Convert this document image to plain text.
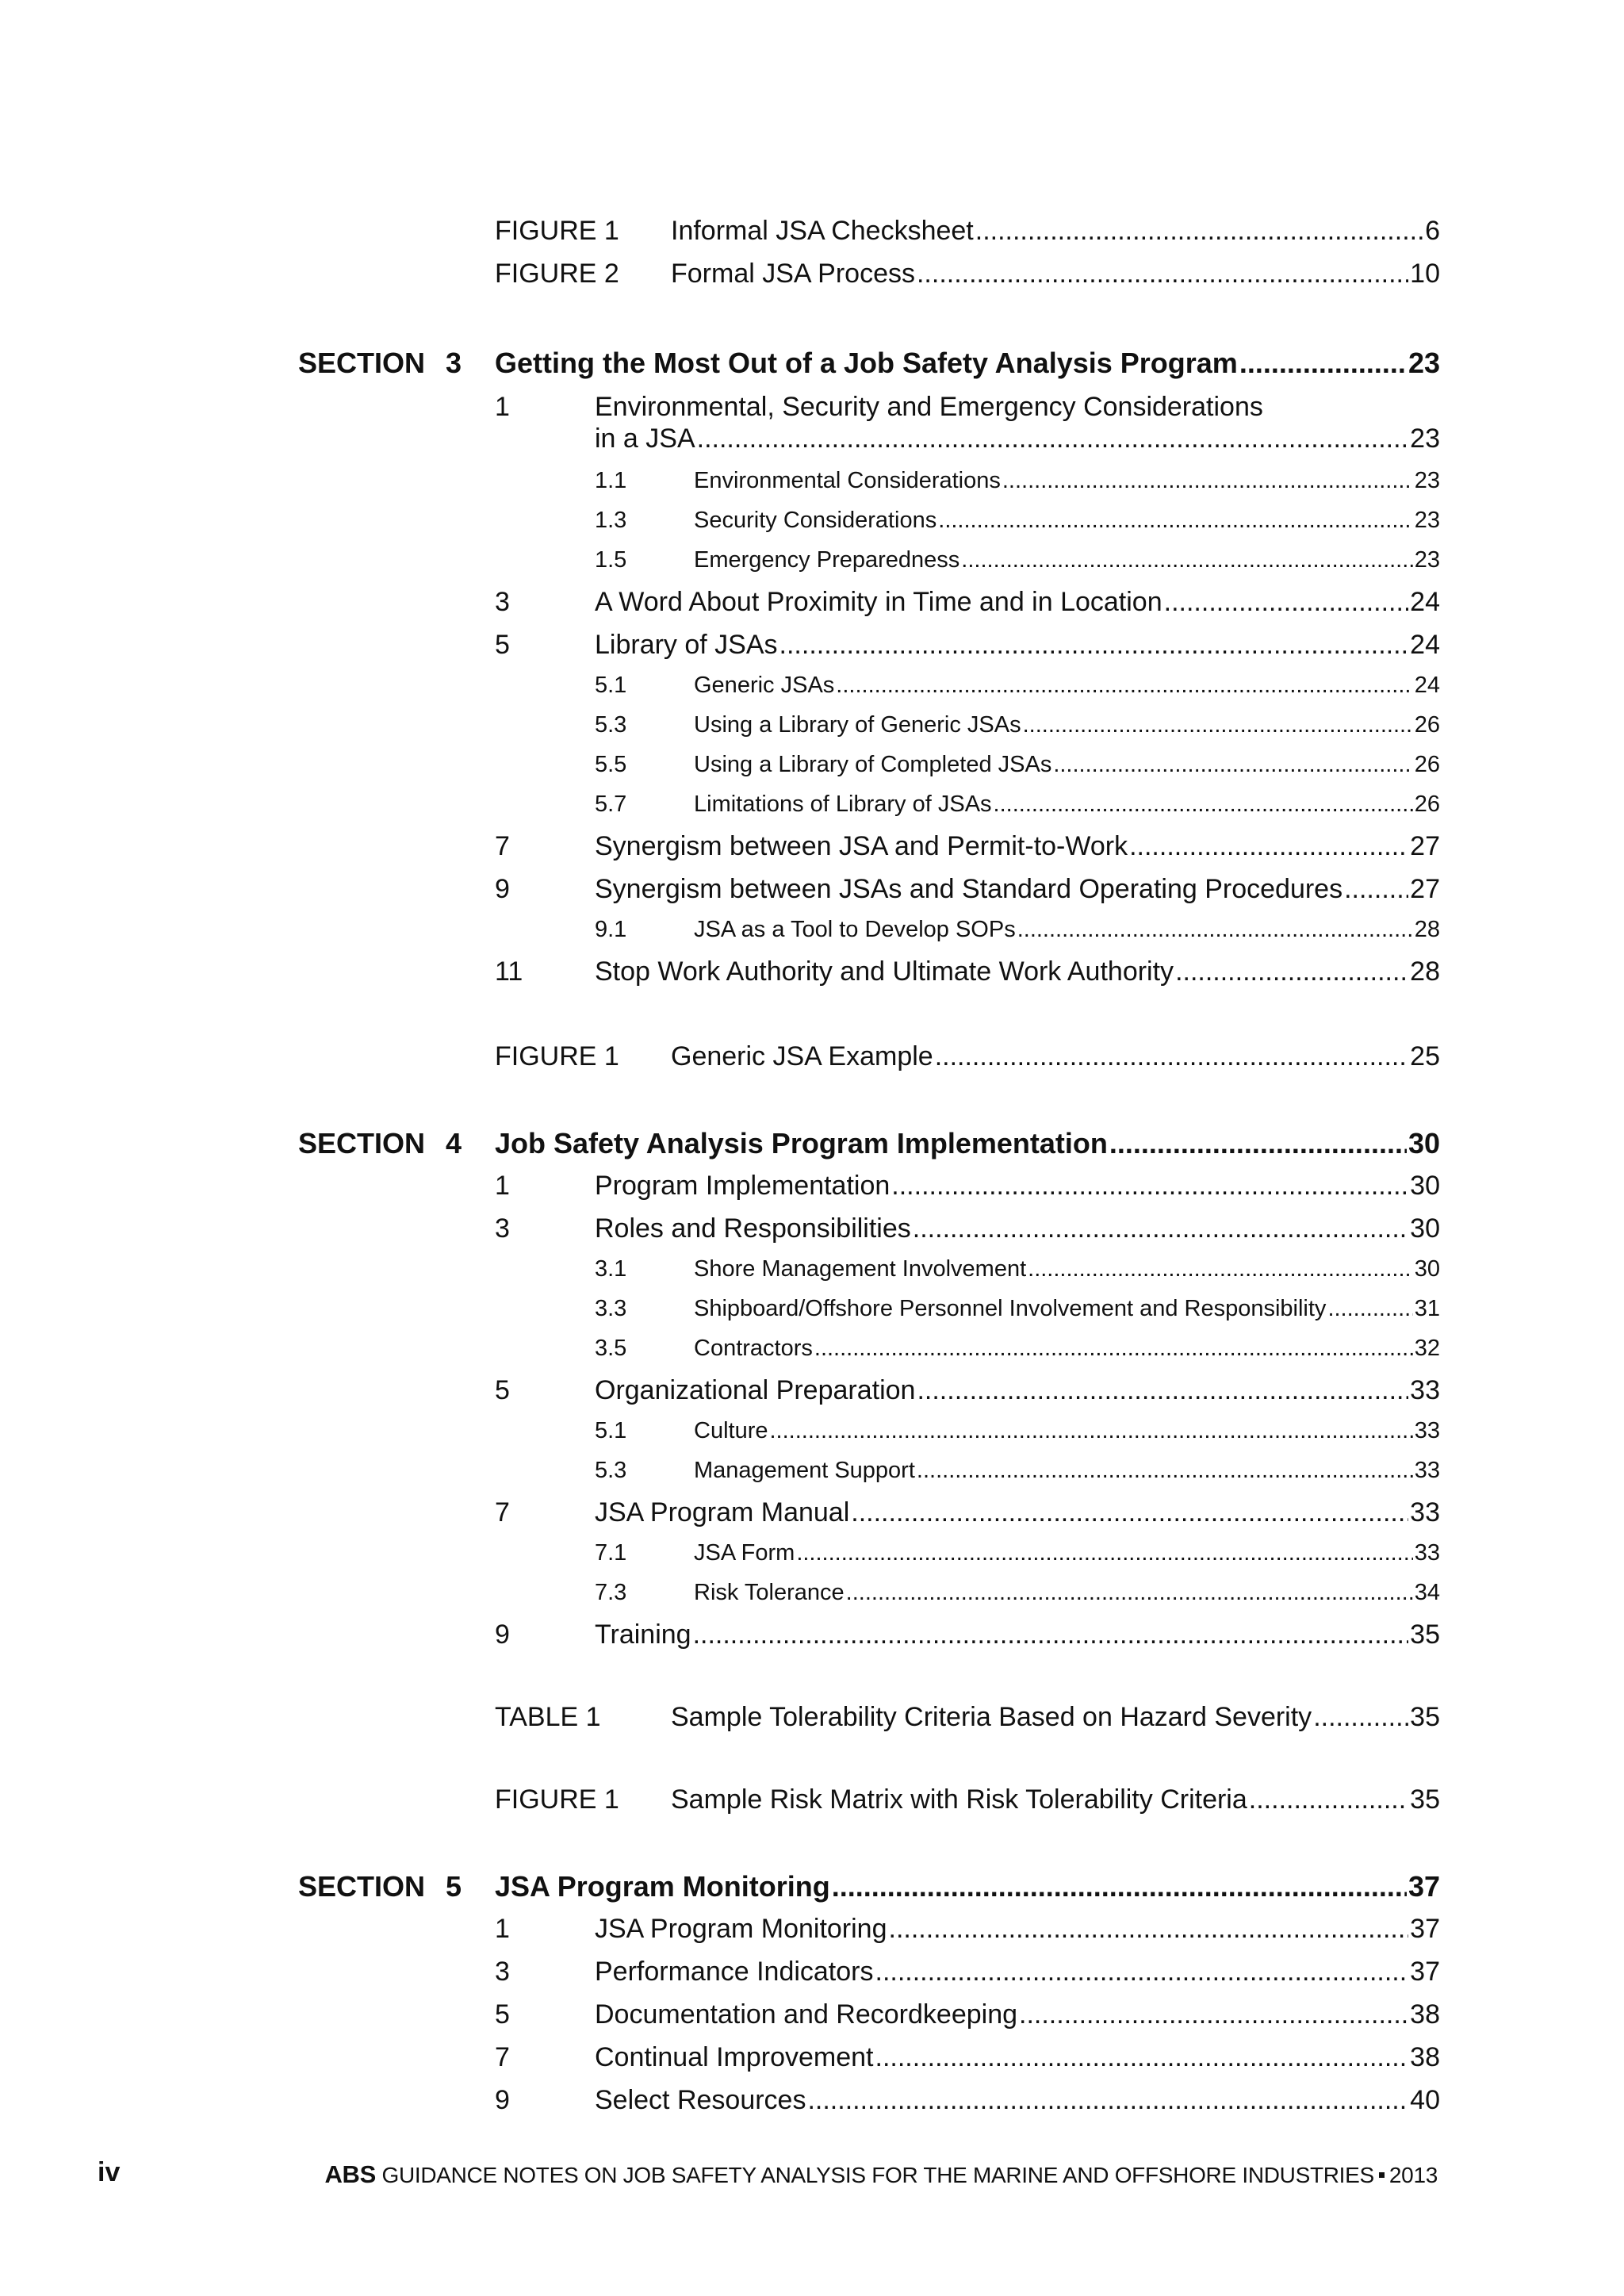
FIGURE 1 Informal JSA Checksheet .....	6
FIGURE 2 Formal JSA Process .....	10
SECTION 3 Getting the Most Out of a Job Safety Analysis Program .....	23
1	Environmental, Security and Emergency Considerations
in a JSA .....	23
1.1	Environmental Considerations .....	23
1.3	Security Considerations .....	23
1.5	Emergency Preparedness .....	23
3	A Word About Proximity in Time and in Location .....	24
5	Library of JSAs .....	24
5.1	Generic JSAs .....	24
5.3	Using a Library of Generic JSAs .....	26
5.5	Using a Library of Completed JSAs .....	26
5.7	Limitations of Library of JSAs .....	26
7	Synergism between JSA and Permit-to-Work .....	27
9	Synergism between JSAs and Standard Operating Procedures .....	27
9.1	JSA as a Tool to Develop SOPs .....	28
11	Stop Work Authority and Ultimate Work Authority .....	28
FIGURE 1 Generic JSA Example .....	25
SECTION 4 Job Safety Analysis Program Implementation .....	30
1	Program Implementation .....	30
3	Roles and Responsibilities .....	30
3.1	Shore Management Involvement .....	30
3.3	Shipboard/Offshore Personnel Involvement and Responsibility .....	31
3.5	Contractors .....	32
5	Organizational Preparation .....	33
5.1	Culture .....	33
5.3	Management Support .....	33
7	JSA Program Manual .....	33
7.1	JSA Form .....	33
7.3	Risk Tolerance .....	34
9	Training .....	35
TABLE 1	Sample Tolerability Criteria Based on Hazard Severity .....	35
FIGURE 1 Sample Risk Matrix with Risk Tolerability Criteria .....	35
SECTION 5 JSA Program Monitoring .....	37
1	JSA Program Monitoring .....	37
3	Performance Indicators .....	37
5	Documentation and Recordkeeping .....	38
7	Continual Improvement .....	38
9	Select Resources .....	40
iv	ABS GUIDANCE NOTES ON JOB SAFETY ANALYSIS FOR THE MARINE AND OFFSHORE INDUSTRIES 2013
